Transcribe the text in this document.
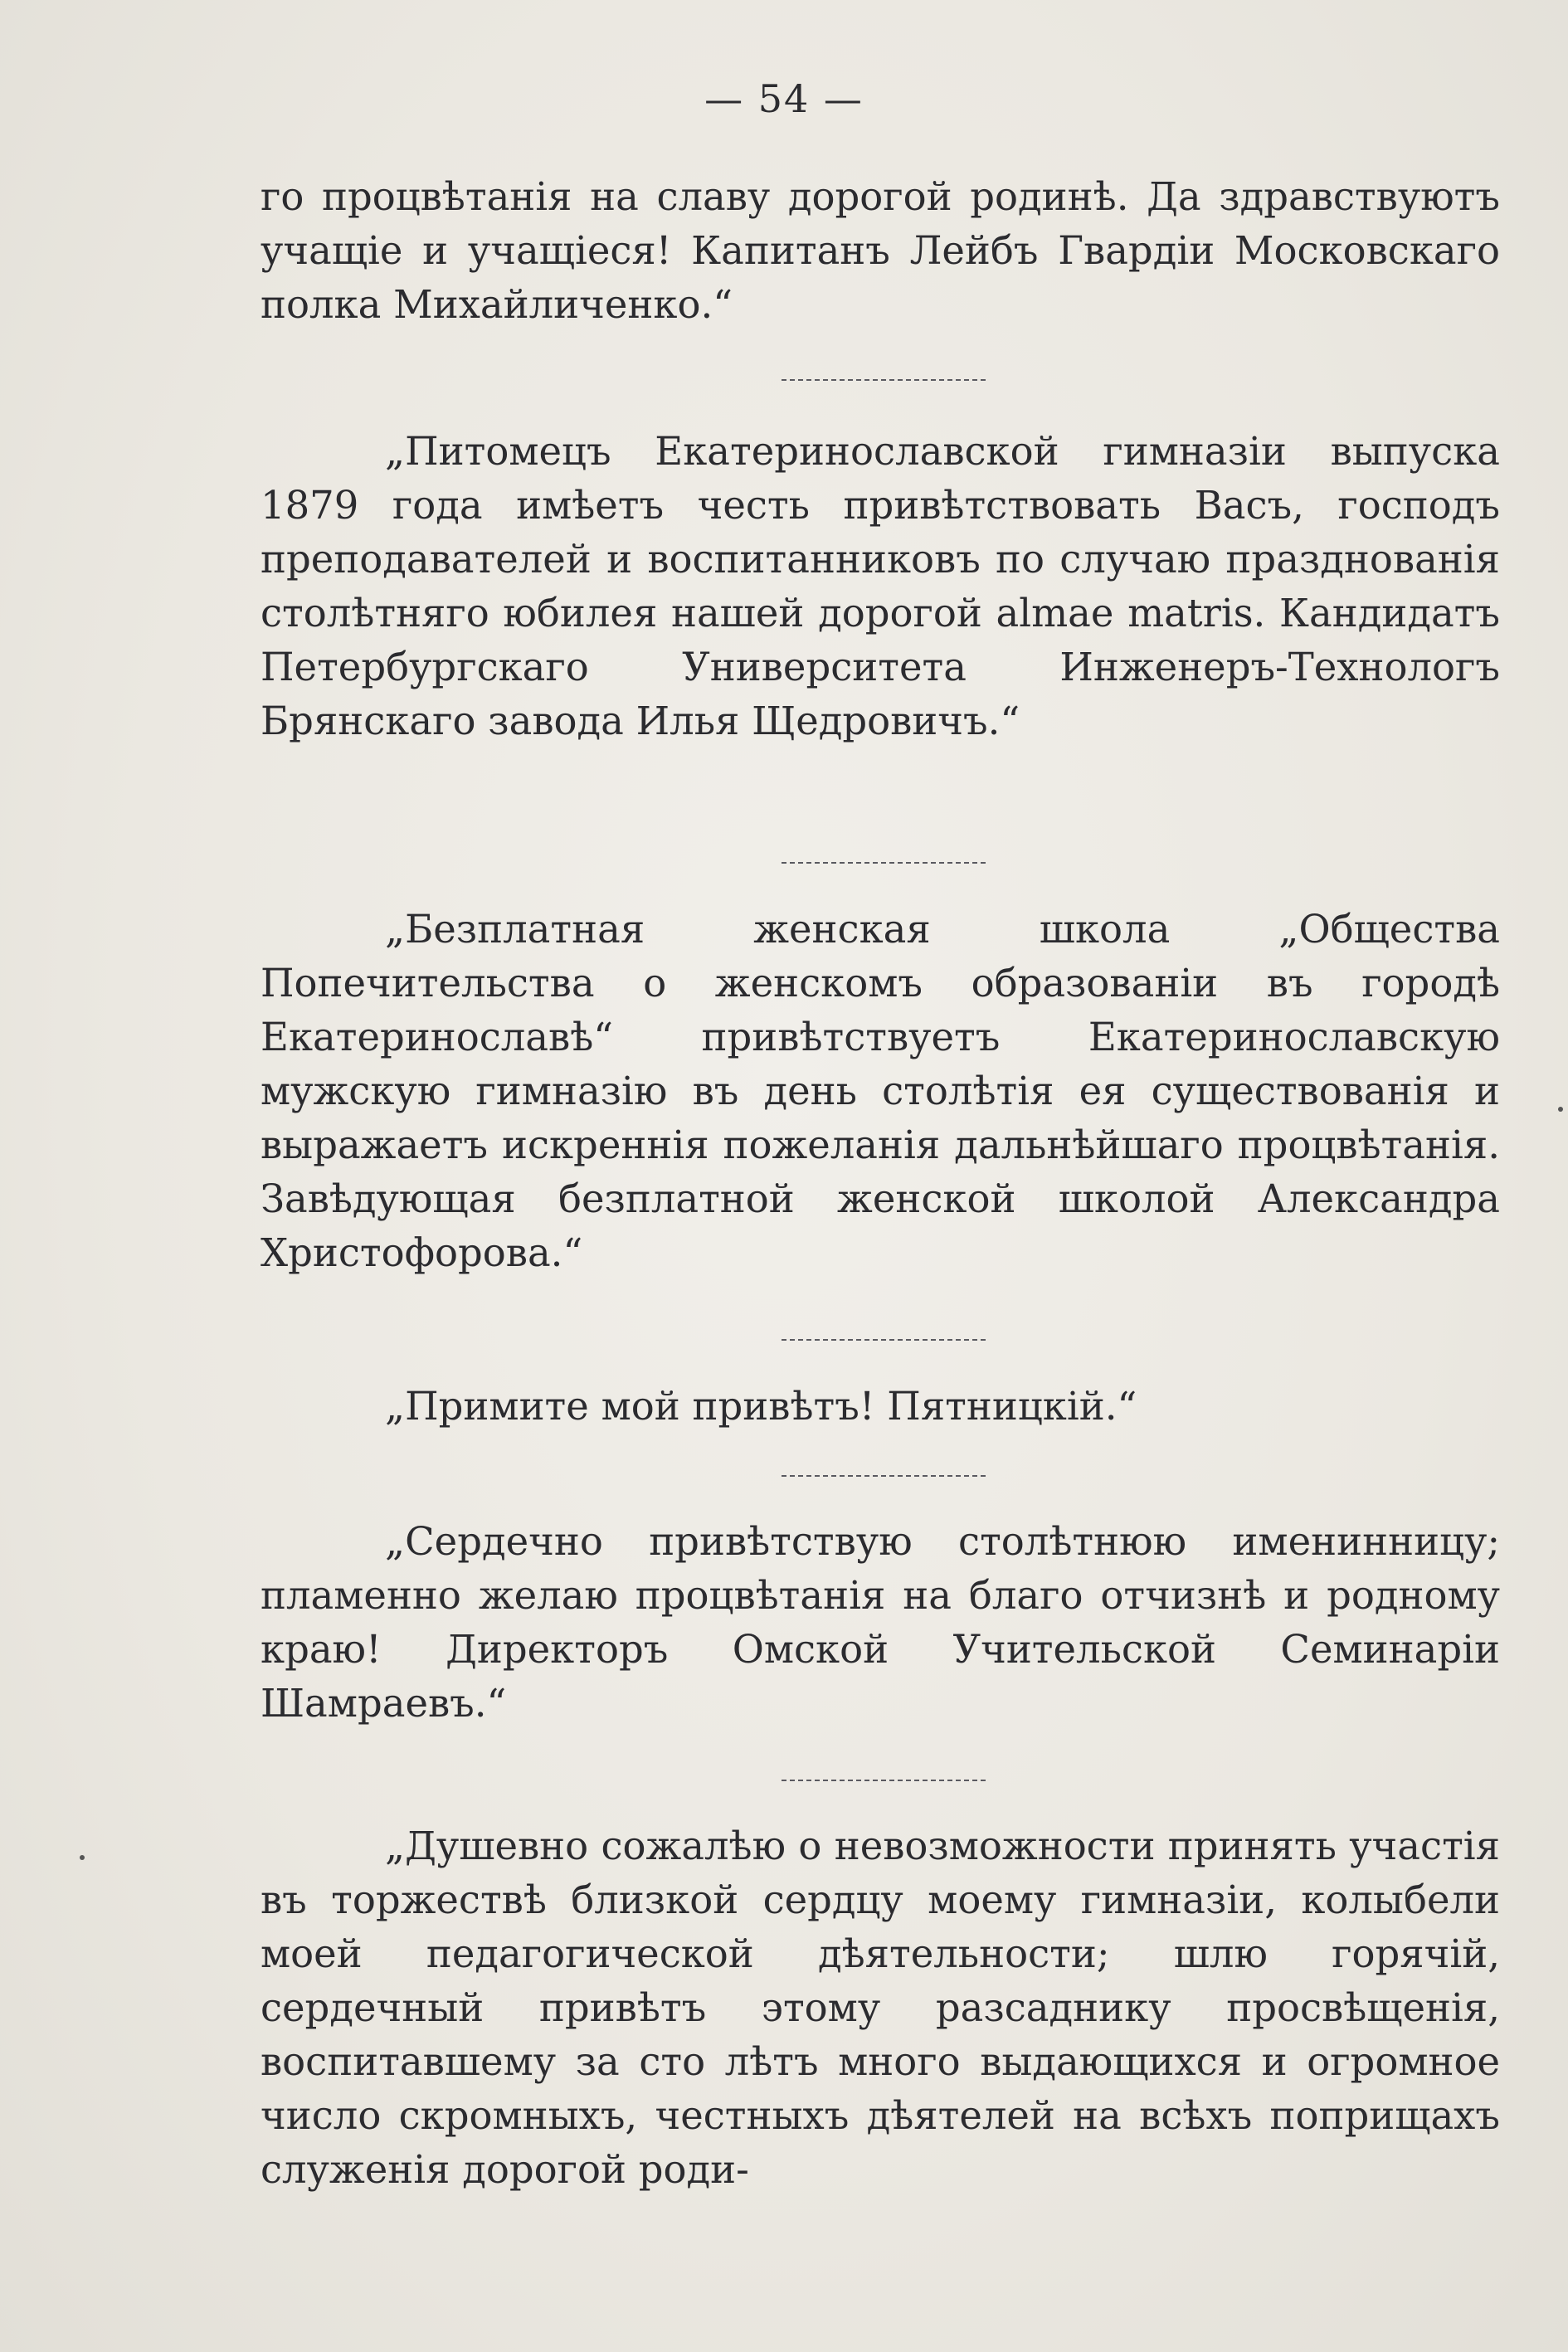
— 54 —

го процвѣтанія на славу дорогой родинѣ. Да здравствуютъ учащіе и учащіеся! Капитанъ Лейбъ Гвардіи Московскаго полка Михайличенко.“

„Питомецъ Екатеринославской гимназіи выпуска 1879 года имѣетъ честь привѣтствовать Васъ, господъ преподавателей и воспитанниковъ по случаю празднованія столѣтняго юбилея нашей дорогой almae matris. Кандидатъ Петербургскаго Университета Инженеръ-Технологъ Брянскаго завода Илья Щедровичъ.“

„Безплатная женская школа „Общества Попечительства о женскомъ образованіи въ городѣ Екатеринославѣ“ привѣтствуетъ Екатеринославскую мужскую гимназію въ день столѣтія ея существованія и выражаетъ искреннія пожеланія дальнѣйшаго процвѣтанія. Завѣдующая безплатной женской школой Александра Христофорова.“

„Примите мой привѣтъ! Пятницкій.“

„Сердечно привѣтствую столѣтнюю именинницу; пламенно желаю процвѣтанія на благо отчизнѣ и родному краю! Директоръ Омской Учительской Семинаріи Шамраевъ.“

„Душевно сожалѣю о невозможности принять участія въ торжествѣ близкой сердцу моему гимназіи, колыбели моей педагогической дѣятельности; шлю горячій, сердечный привѣтъ этому разсаднику просвѣщенія, воспитавшему за сто лѣтъ много выдающихся и огромное число скромныхъ, честныхъ дѣятелей на всѣхъ поприщахъ служенія дорогой роди-
